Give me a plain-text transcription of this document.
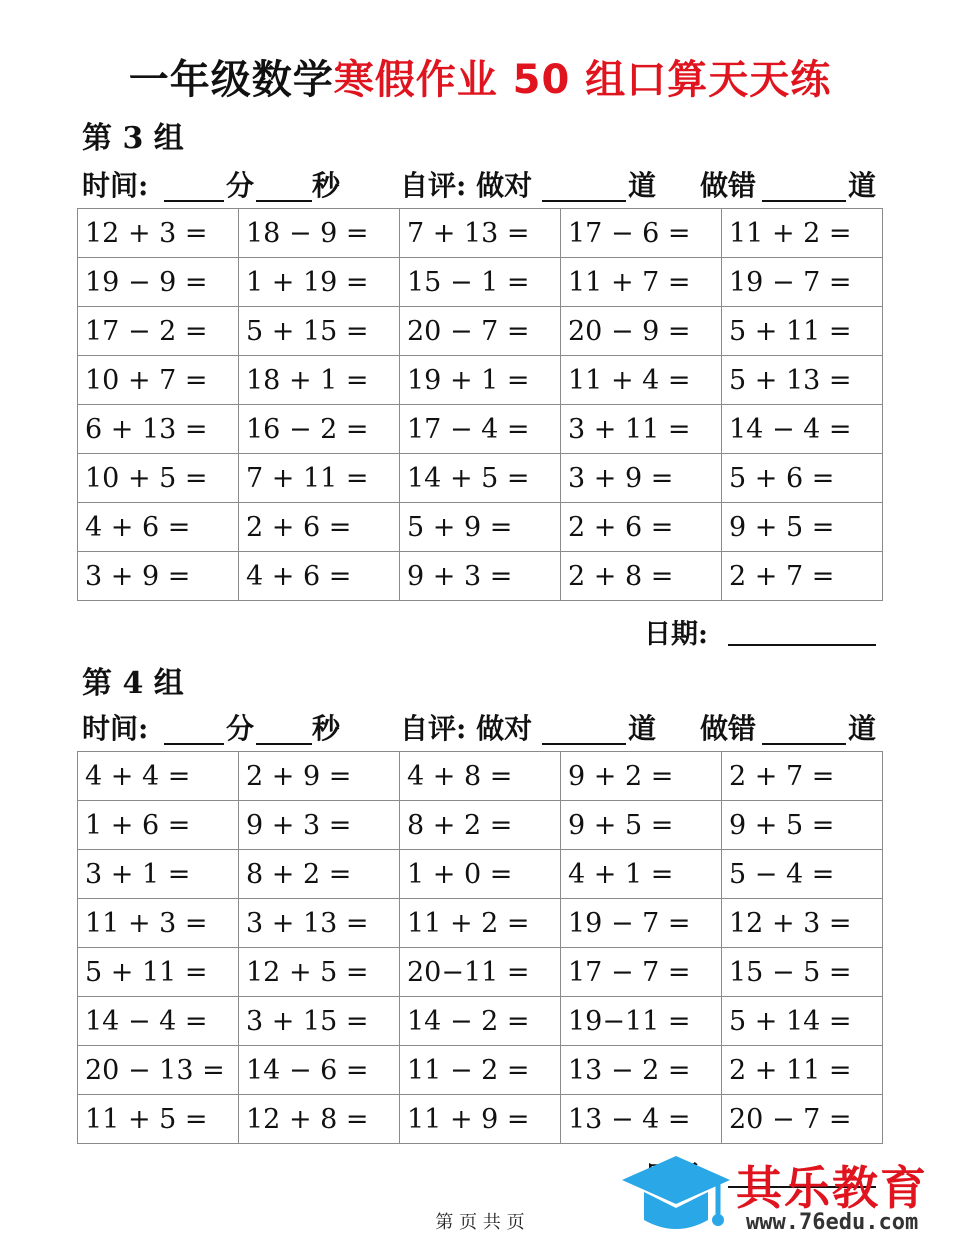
一年级数学寒假作业 50 组口算天天练
第 3 组
时间:	分 秒 自评: 做对	道 做错	道
12 + 3 =	18 − 9 =	7 + 13 =	17 − 6 =	11 + 2 =
19 − 9 =	1 + 19 =	15 − 1 =	11 + 7 =	19 − 7 =
17 − 2 =	5 + 15 =	20 − 7 =	20 − 9 =	5 + 11 =
10 + 7 =	18 + 1 =	19 + 1 =	11 + 4 =	5 + 13 =
6 + 13 =	16 − 2 =	17 − 4 =	3 + 11 =	14 − 4 =
10 + 5 =	7 + 11 =	14 + 5 =	3 + 9 =	5 + 6 =
4 + 6 =	2 + 6 =	5 + 9 =	2 + 6 =	9 + 5 =
3 + 9 =	4 + 6 =	9 + 3 =	2 + 8 =	2 + 7 =
日期:
第 4 组
时间:	分 秒 自评: 做对	道 做错	道
4 + 4 =	2 + 9 =	4 + 8 =	9 + 2 =	2 + 7 =
1 + 6 =	9 + 3 =	8 + 2 =	9 + 5 =	9 + 5 =
3 + 1 =	8 + 2 =	1 + 0 =	4 + 1 =	5 − 4 =
11 + 3 =	3 + 13 =	11 + 2 =	19 − 7 =	12 + 3 =
5 + 11 =	12 + 5 =	20−11 =	17 − 7 =	15 − 5 =
14 − 4 =	3 + 15 =	14 − 2 =	19−11 =	5 + 14 =
20 − 13 =	14 − 6 =	11 − 2 =	13 − 2 =	2 + 11 =
11 + 5 =	12 + 8 =	11 + 9 =	13 − 4 =	20 − 7 =
第 页 共 页
其乐教育
www.76edu.com
